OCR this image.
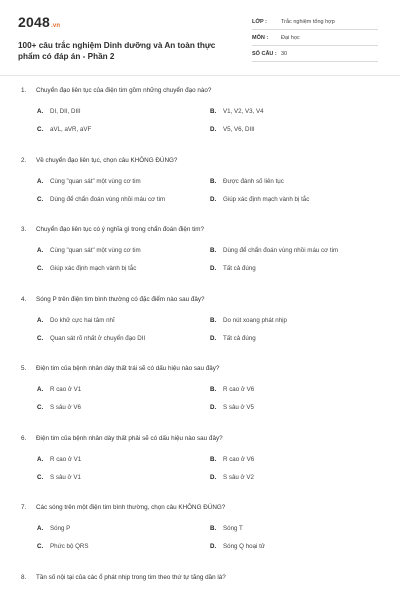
2048.vn
100+ câu trắc nghiệm Dinh dưỡng và An toàn thực phẩm có đáp án - Phần 2
LỚP :	Trắc nghiệm tổng hợp
MÔN :	Đại học
SỐ CÂU : 30
1.	Chuyển đạo liên tục của điện tim gồm những chuyển đạo nào?
A.	DI, DII, DIII	B.	V1, V2, V3, V4
C.	aVL, aVR, aVF	D.	V5, V6, DIII
2.	Về chuyển đạo liên tục, chọn câu KHÔNG ĐÚNG?
A.	Cùng "quan sát" một vùng cơ tim	B.	Được đánh số liên tục
C.	Dùng để chẩn đoán vùng nhồi máu cơ tim	D.	Giúp xác định mạch vành bị tắc
3.	Chuyển đạo liên tục có ý nghĩa gì trong chẩn đoán điện tim?
A.	Cùng "quan sát" một vùng cơ tim	B.	Dùng để chẩn đoán vùng nhồi máu cơ tim
C.	Giúp xác định mạch vành bị tắc	D.	Tất cả đúng
4.	Sóng P trên điện tim bình thường có đặc điểm nào sau đây?
A.	Do khử cực hai tâm nhĩ	B.	Do nút xoang phát nhịp
C.	Quan sát rõ nhất ở chuyển đạo DII	D.	Tất cả đúng
5.	Điện tim của bệnh nhân dày thất trái sẽ có dấu hiệu nào sau đây?
A.	R cao ở V1	B.	R cao ở V6
C.	S sâu ở V6	D.	S sâu ở V5
6.	Điện tim của bệnh nhân dày thất phải sẽ có dấu hiệu nào sau đây?
A.	R cao ở V1	B.	R cao ở V6
C.	S sâu ở V1	D.	S sâu ở V2
7.	Các sóng trên một điện tim bình thường, chọn câu KHÔNG ĐÚNG?
A.	Sóng P	B.	Sóng T
C.	Phức bộ QRS	D.	Sóng Q hoại tử
8.	Tần số nội tại của các ổ phát nhịp trong tim theo thứ tự tăng dần là?
